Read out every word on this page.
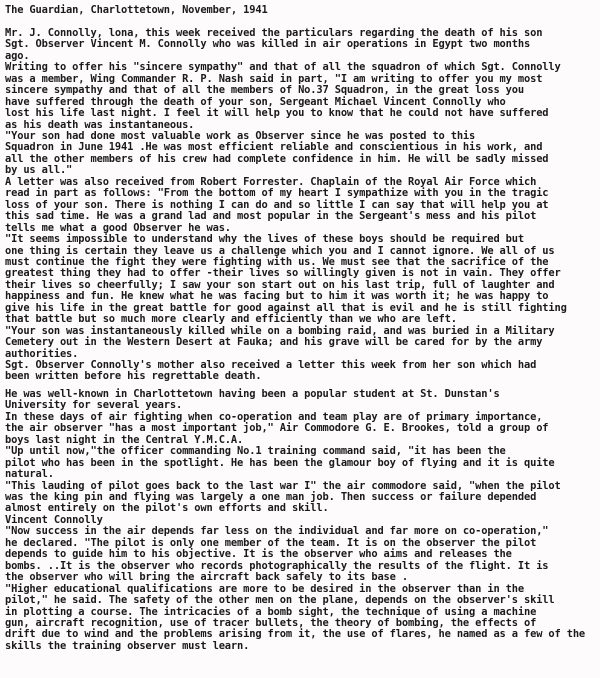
The Guardian, Charlottetown, November, 1941
Mr. J. Connolly, lona, this week received the particulars regarding the death of his son
Sgt. Observer Vincent M. Connolly who was killed in air operations in Egypt two months
ago.
Writing to offer his "sincere sympathy" and that of all the squadron of which Sgt. Connolly
was a member, Wing Commander R. P. Nash said in part, "I am writing to offer you my most
sincere sympathy and that of all the members of No.37 Squadron, in the great loss you
have suffered through the death of your son, Sergeant Michael Vincent Connolly who
lost his life last night. I feel it will help you to know that he could not have suffered
as his death was instantaneous.
"Your son had done most valuable work as Observer since he was posted to this
Squadron in June 1941 .He was most efficient reliable and conscientious in his work, and
all the other members of his crew had complete confidence in him. He will be sadly missed
by us all."
A letter was also received from Robert Forrester. Chaplain of the Royal Air Force which
read in part as follows: "From the bottom of my heart I sympathize with you in the tragic
loss of your son. There is nothing I can do and so little I can say that will help you at
this sad time. He was a grand lad and most popular in the Sergeant's mess and his pilot
tells me what a good Observer he was.
"It seems impossible to understand why the lives of these boys should be required but
one thing is certain they leave us a challenge which you and I cannot ignore. We all of us
must continue the fight they were fighting with us. We must see that the sacrifice of the
greatest thing they had to offer -their lives so willingly given is not in vain. They offer
their lives so cheerfully; I saw your son start out on his last trip, full of laughter and
happiness and fun. He knew what he was facing but to him it was worth it; he was happy to
give his life in the great battle for good against all that is evil and he is still fighting
that battle but so much more clearly and efficiently than we who are left.
"Your son was instantaneously killed while on a bombing raid, and was buried in a Military
Cemetery out in the Western Desert at Fauka; and his grave will be cared for by the army
authorities.
Sgt. Observer Connolly's mother also received a letter this week from her son which had
been written before his regrettable death.
He was well-known in Charlottetown having been a popular student at St. Dunstan's
University for several years.
In these days of air fighting when co-operation and team play are of primary importance,
the air observer "has a most important job," Air Commodore G. E. Brookes, told a group of
boys last night in the Central Y.M.C.A.
"Up until now,"the officer commanding No.1 training command said, "it has been the
pilot who has been in the spotlight. He has been the glamour boy of flying and it is quite
natural.
"This lauding of pilot goes back to the last war I" the air commodore said, "when the pilot
was the king pin and flying was largely a one man job. Then success or failure depended
almost entirely on the pilot's own efforts and skill.
Vincent Connolly
"Now success in the air depends far less on the individual and far more on co-operation,"
he declared. "The pilot is only one member of the team. It is on the observer the pilot
depends to guide him to his objective. It is the observer who aims and releases the
bombs. ..It is the observer who records photographically the results of the flight. It is
the observer who will bring the aircraft back safely to its base .
"Higher educational qualifications are more to be desired in the observer than in the
pilot," he said. The safety of the other men on the plane, depends on the observer's skill
in plotting a course. The intricacies of a bomb sight, the technique of using a machine
gun, aircraft recognition, use of tracer bullets, the theory of bombing, the effects of
drift due to wind and the problems arising from it, the use of flares, he named as a few of the
skills the training observer must learn.
